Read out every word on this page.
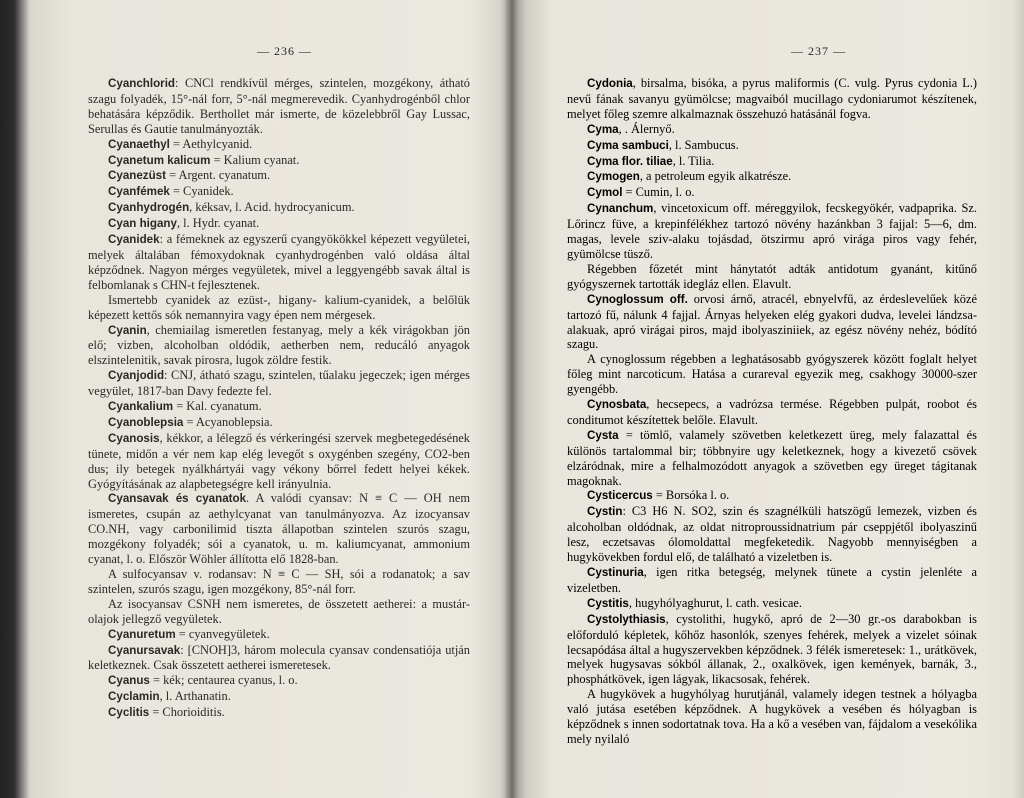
— 236 —

Cyanchlorid: CNCl rendkívül mérges, szintelen, mozgékony, átható szagu folyadék, 15°-nál forr, 5°-nál megmerevedik. Cyanhydrogénből chlor behatására képződik. Berthollet már ismerte, de közelebbről Gay Lussac, Serullas és Gautie tanulmányozták.

Cyanaethyl = Aethylcyanid.

Cyanetum kalicum = Kalium cyanat.

Cyanezüst = Argent. cyanatum.

Cyanfémek = Cyanidek.

Cyanhydrogén, kéksav, l. Acid. hydrocyanicum.

Cyan higany, l. Hydr. cyanat.

Cyanidek: a fémeknek az egyszerű cyangyökökkel képezett vegyületei, melyek általában fémoxydoknak cyanhydrogénben való oldása által képződnek. Nagyon mérges vegyületek, mivel a leggyengébb savak által is felbomlanak s CHN-t fejlesztenek.

Ismertebb cyanidek az ezüst-, higany- kalium-cyanidek, a belőlük képezett kettős sók nemannyira vagy épen nem mérgesek.

Cyanin, chemiailag ismeretlen festanyag, mely a kék virágokban jön elő; vizben, alcoholban oldódik, aetherben nem, reducáló anyagok elszintelenitik, savak pirosra, lugok zöldre festik.

Cyanjodid: CNJ, átható szagu, szintelen, tűalaku jegeczek; igen mérges vegyület, 1817-ban Davy fedezte fel.

Cyankalium = Kal. cyanatum.

Cyanoblepsia = Acyanoblepsia.

Cyanosis, kékkor, a lélegző és vérkeringési szervek megbetegedésének tünete, midőn a vér nem kap elég levegőt s oxygénben szegény, CO2-ben dus; ily betegek nyálkhártyái vagy vékony bőrrel fedett helyei kékek. Gyógyításának az alapbetegségre kell irányulnia.

Cyansavak és cyanatok. A valódi cyansav: N ≡ C — OH nem ismeretes, csupán az aethylcyanat van tanulmányozva. Az izocyansav CO.NH, vagy carbonilimid tiszta állapotban szintelen szurós szagu, mozgékony folyadék; sói a cyanatok, u. m. kaliumcyanat, ammonium cyanat, l. o. Először Wöhler állította elő 1828-ban.

A sulfocyansav v. rodansav: N ≡ C — SH, sói a rodanatok; a sav szintelen, szurós szagu, igen mozgékony, 85°-nál forr.

Az isocyansav CSNH nem ismeretes, de összetett aetherei: a mustár-olajok jellegző vegyületek.

Cyanuretum = cyanvegyületek.

Cyanursavak: [CNOH]3, három molecula cyansav condensatiója utján keletkeznek. Csak összetett aetherei ismeretesek.

Cyanus = kék; centaurea cyanus, l. o.

Cyclamin, l. Arthanatin.

Cyclitis = Chorioiditis.

— 237 —

Cydonia, birsalma, bisóka, a pyrus maliformis (C. vulg. Pyrus cydonia L.) nevű fának savanyu gyümölcse; magvaiból mucillago cydoniarumot készítenek, melyet főleg szemre alkalmaznak összehuzó hatásánál fogva.

Cyma, . Álernyő.

Cyma sambuci, l. Sambucus.

Cyma flor. tiliae, l. Tilia.

Cymogen, a petroleum egyik alkatrésze.

Cymol = Cumin, l. o.

Cynanchum, vincetoxicum off. méreggyilok, fecskegyökér, vadpaprika. Sz. Lőrincz füve, a krepinfélékhez tartozó növény hazánkban 3 fajjal: 5—6, dm. magas, levele sziv-alaku tojásdad, ötszirmu apró virága piros vagy fehér, gyümölcse tüsző.

Régebben főzetét mint hánytatót adták antidotum gyanánt, kitűnő gyógyszernek tartották idegláz ellen. Elavult.

Cynoglossum off. orvosi árnő, atracél, ebnyelvfű, az érdeslevelűek közé tartozó fű, nálunk 4 fajjal. Árnyas helyeken elég gyakori dudva, levelei lándzsa-alakuak, apró virágai piros, majd ibolyasziniiek, az egész növény nehéz, bódító szagu.

A cynoglossum régebben a leghatásosabb gyógyszerek között foglalt helyet főleg mint narcoticum. Hatása a curareval egyezik meg, csakhogy 30000-szer gyengébb.

Cynosbata, hecsepecs, a vadrózsa termése. Régebben pulpát, roobot és conditumot készítettek belőle. Elavult.

Cysta = tömlő, valamely szövetben keletkezett üreg, mely falazattal és különös tartalommal bir; többnyire ugy keletkeznek, hogy a kivezető csövek elzáródnak, mire a felhalmozódott anyagok a szövetben egy üreget tágitanak magoknak.

Cysticercus = Borsóka l. o.

Cystin: C3 H6 N. SO2, szin és szagnélküli hatszögű lemezek, vizben és alcoholban oldódnak, az oldat nitroproussidnatrium pár cseppjétől ibolyaszinű lesz, eczetsavas ólomoldattal megfeketedik. Nagyobb mennyiségben a hugykövekben fordul elő, de található a vizeletben is.

Cystinuria, igen ritka betegség, melynek tünete a cystin jelenléte a vizeletben.

Cystitis, hugyhólyaghurut, l. cath. vesicae.

Cystolythiasis, cystolithi, hugykő, apró de 2—30 gr.-os darabokban is előforduló képletek, kőhőz hasonlók, szenyes fehérek, melyek a vizelet sóinak lecsapódása által a hugyszervekben képződnek. 3 félék ismeretesek: 1., urátkövek, melyek hugysavas sókból állanak, 2., oxalkövek, igen kemények, barnák, 3., phosphátkövek, igen lágyak, likacsosak, fehérek.

A hugykövek a hugyhólyag hurutjánál, valamely idegen testnek a hólyagba való jutása esetében képződnek. A hugykövek a vesében és hólyagban is képződnek s innen sodortatnak tova. Ha a kő a vesében van, fájdalom a vesekólika mely nyilaló
